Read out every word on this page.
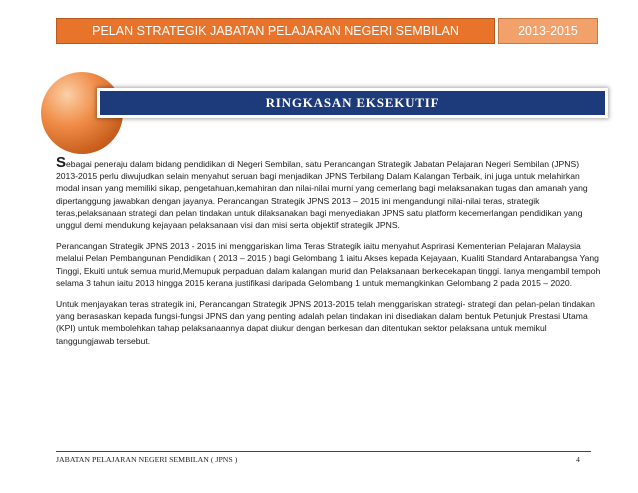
PELAN STRATEGIK JABATAN PELAJARAN NEGERI SEMBILAN	2013-2015
RINGKASAN EKSEKUTIF

Sebagai peneraju dalam bidang pendidikan di Negeri Sembilan, satu Perancangan Strategik Jabatan Pelajaran Negeri Sembilan (JPNS) 2013-2015 perlu diwujudkan selain menyahut seruan bagi menjadikan JPNS Terbilang Dalam Kalangan Terbaik, ini juga untuk melahirkan modal insan yang memiliki sikap, pengetahuan,kemahiran dan nilai-nilai murni yang cemerlang bagi melaksanakan tugas dan amanah yang dipertanggung jawabkan dengan jayanya. Perancangan Strategik JPNS 2013 – 2015 ini mengandungi nilai-nilai teras, strategik teras,pelaksanaan strategi dan pelan tindakan untuk dilaksanakan bagi menyediakan JPNS satu platform kecemerlangan pendidikan yang unggul demi mendukung kejayaan pelaksanaan visi dan misi serta objektif strategik JPNS.

Perancangan Strategik JPNS 2013 - 2015 ini menggariskan lima Teras Strategik iaitu menyahut Asprirasi Kementerian Pelajaran Malaysia melalui Pelan Pembangunan Pendidikan ( 2013 – 2015 ) bagi Gelombang 1 iaitu Akses kepada Kejayaan, Kualiti Standard Antarabangsa Yang Tinggi, Ekuiti untuk semua murid,Memupuk perpaduan dalam kalangan murid dan Pelaksanaan berkecekapan tinggi. Ianya mengambil tempoh selama 3 tahun iaitu 2013 hingga 2015 kerana justifikasi daripada Gelombang 1 untuk memangkinkan Gelombang 2 pada 2015 – 2020.

Untuk menjayakan teras strategik ini, Perancangan Strategik JPNS 2013-2015 telah menggariskan strategi- strategi dan pelan-pelan tindakan yang berasaskan kepada fungsi-fungsi JPNS dan yang penting adalah pelan tindakan ini disediakan dalam bentuk Petunjuk Prestasi Utama (KPI) untuk membolehkan tahap pelaksanaannya dapat diukur dengan berkesan dan ditentukan sektor pelaksana untuk memikul tanggungjawab tersebut.

JABATAN PELAJARAN NEGERI SEMBILAN ( JPNS )	4
